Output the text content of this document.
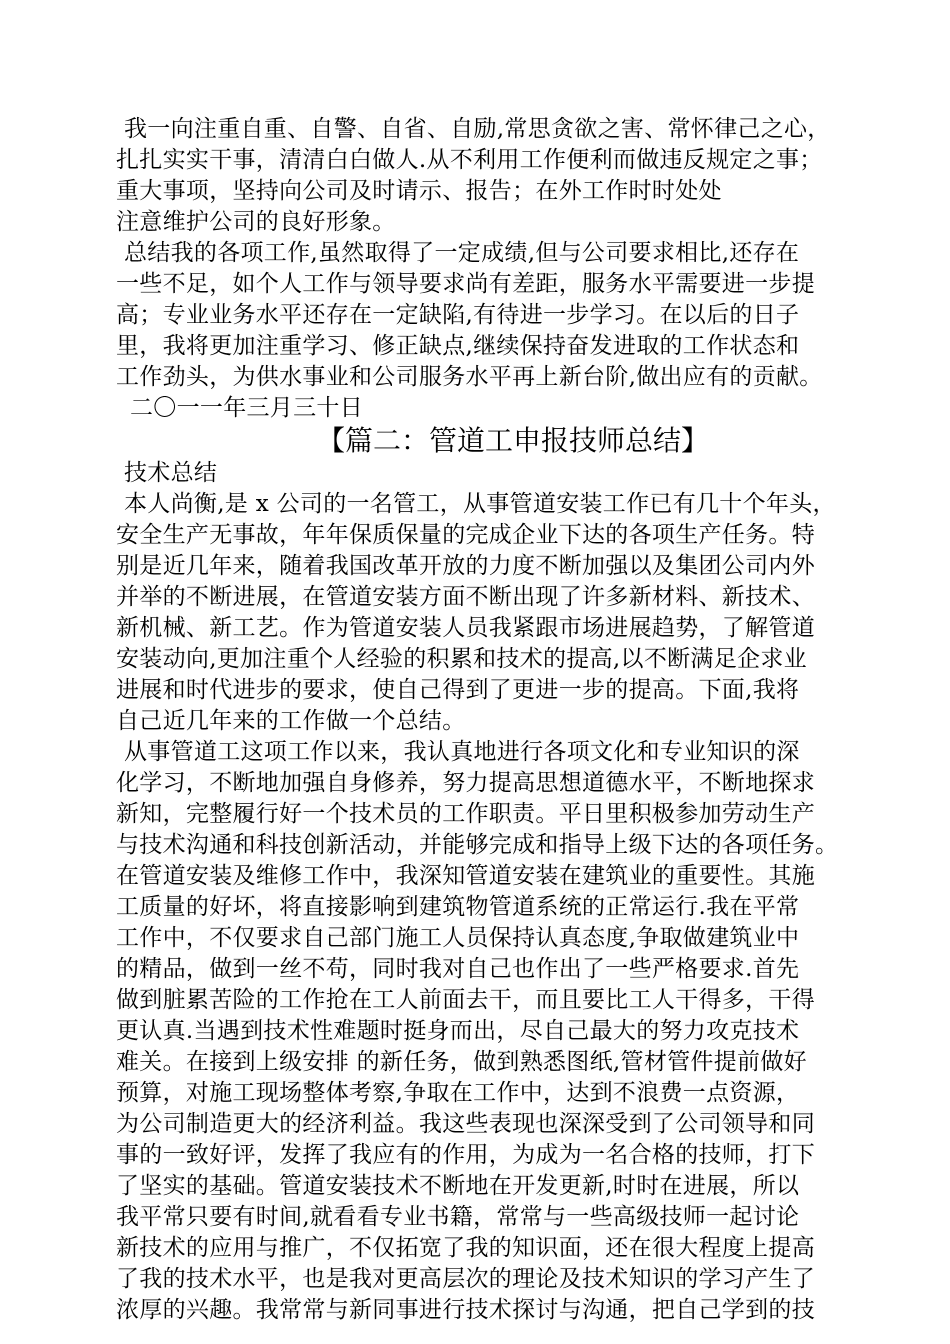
我一向注重自重、自警、自省、自励,常思贪欲之害、常怀律己之心，
扎扎实实干事，清清白白做人.从不利用工作便利而做违反规定之事；
重大事项，坚持向公司及时请示、报告；在外工作时时处处
注意维护公司的良好形象。
总结我的各项工作,虽然取得了一定成绩,但与公司要求相比,还存在
一些不足，如个人工作与领导要求尚有差距，服务水平需要进一步提
高；专业业务水平还存在一定缺陷,有待进一步学习。在以后的日子
里，我将更加注重学习、修正缺点,继续保持奋发进取的工作状态和
工作劲头，为供水事业和公司服务水平再上新台阶,做出应有的贡献。
二〇一一年三月三十日
【篇二：管道工申报技师总结】
技术总结
本人尚衡,是 x 公司的一名管工，从事管道安装工作已有几十个年头，
安全生产无事故，年年保质保量的完成企业下达的各项生产任务。特
别是近几年来，随着我国改革开放的力度不断加强以及集团公司内外
并举的不断进展，在管道安装方面不断出现了许多新材料、新技术、
新机械、新工艺。作为管道安装人员我紧跟市场进展趋势，了解管道
安装动向,更加注重个人经验的积累和技术的提高,以不断满足企求业
进展和时代进步的要求，使自己得到了更进一步的提高。下面,我将
自己近几年来的工作做一个总结。
从事管道工这项工作以来，我认真地进行各项文化和专业知识的深
化学习，不断地加强自身修养，努力提高思想道德水平，不断地探求
新知，完整履行好一个技术员的工作职责。平日里积极参加劳动生产
与技术沟通和科技创新活动，并能够完成和指导上级下达的各项任务。
在管道安装及维修工作中，我深知管道安装在建筑业的重要性。其施
工质量的好坏，将直接影响到建筑物管道系统的正常运行.我在平常
工作中，不仅要求自己部门施工人员保持认真态度,争取做建筑业中
的精品，做到一丝不苟，同时我对自己也作出了一些严格要求.首先
做到脏累苦险的工作抢在工人前面去干，而且要比工人干得多，干得
更认真.当遇到技术性难题时挺身而出，尽自己最大的努力攻克技术
难关。在接到上级安排 的新任务，做到熟悉图纸,管材管件提前做好
预算，对施工现场整体考察,争取在工作中，达到不浪费一点资源，
为公司制造更大的经济利益。我这些表现也深深受到了公司领导和同
事的一致好评，发挥了我应有的作用，为成为一名合格的技师，打下
了坚实的基础。管道安装技术不断地在开发更新,时时在进展，所以
我平常只要有时间,就看看专业书籍，常常与一些高级技师一起讨论
新技术的应用与推广，不仅拓宽了我的知识面，还在很大程度上提高
了我的技术水平，也是我对更高层次的理论及技术知识的学习产生了
浓厚的兴趣。我常常与新同事进行技术探讨与沟通，把自己学到的技
